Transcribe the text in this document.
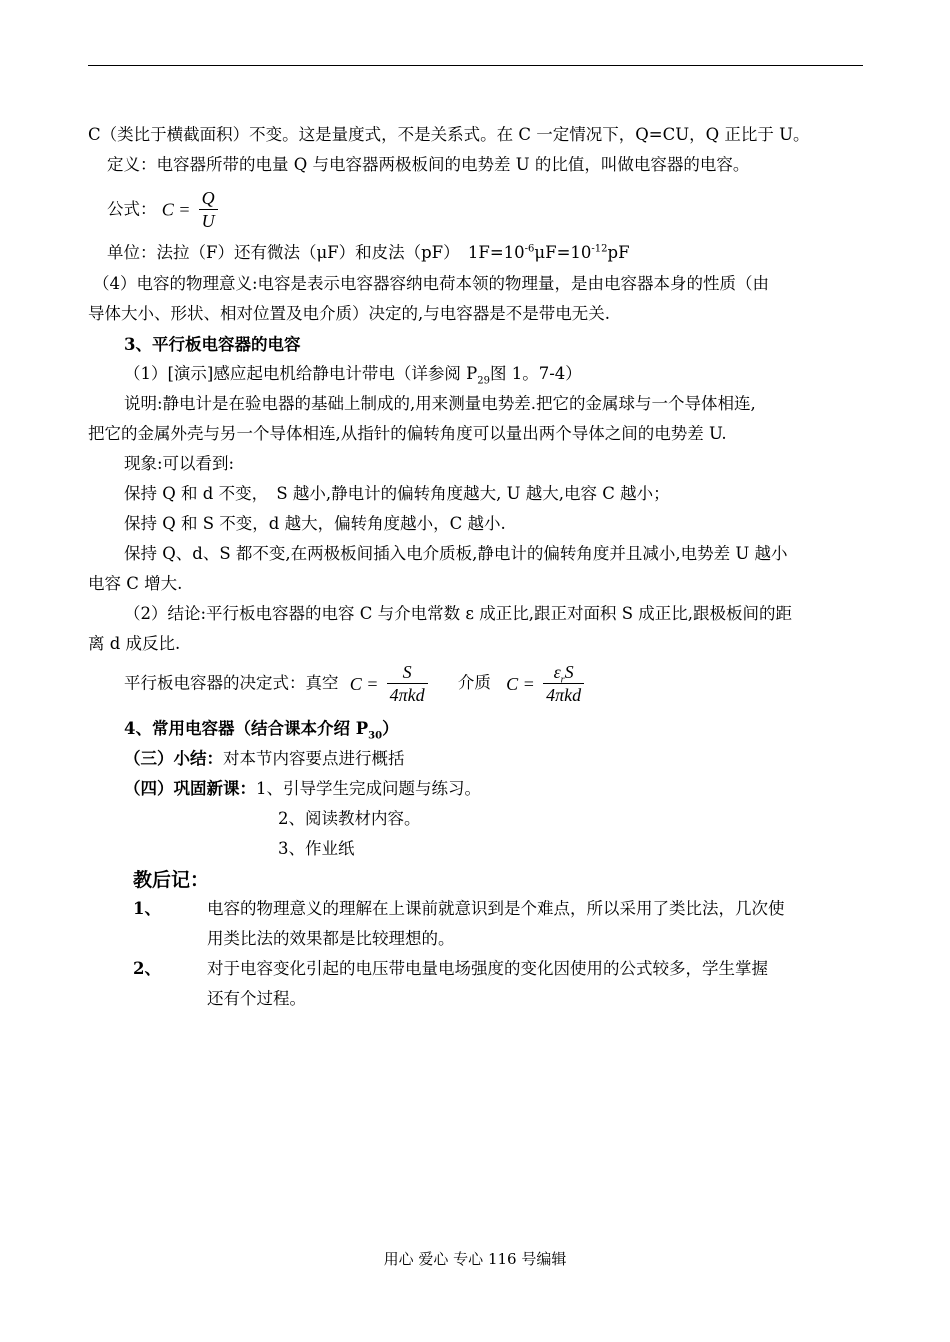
C（类比于横截面积）不变。这是量度式，不是关系式。在 C 一定情况下，Q=CU，Q 正比于 U。
定义：电容器所带的电量 Q 与电容器两极板间的电势差 U 的比值，叫做电容器的电容。
公式： $C = \frac{Q}{U}$
单位：法拉（F）还有微法（μF）和皮法（pF）　$1F=10^{-6}\mu F=10^{-12}pF$
（4）电容的物理意义:电容是表示电容器容纳电荷本领的物理量，是由电容器本身的性质（由
导体大小、形状、相对位置及电介质）决定的,与电容器是不是带电无关.
3、平行板电容器的电容
（1）[演示]感应起电机给静电计带电（详参阅 $P_{29}$图 1。7-4）
说明:静电计是在验电器的基础上制成的,用来测量电势差.把它的金属球与一个导体相连,
把它的金属外壳与另一个导体相连,从指针的偏转角度可以量出两个导体之间的电势差 U.
现象:可以看到:
保持 Q 和 d 不变，　S 越小,静电计的偏转角度越大, U 越大,电容 C 越小；
保持 Q 和 S 不变，d 越大，偏转角度越小，C 越小.
保持 Q、d、S 都不变,在两极板间插入电介质板,静电计的偏转角度并且减小,电势差 U 越小
电容 C 增大.
（2）结论:平行板电容器的电容 C 与介电常数 ε 成正比,跟正对面积 S 成正比,跟极板间的距
离 d 成反比.
平行板电容器的决定式：真空 $C = \frac{S}{\text{4πkd}}$ 介质 $C = \frac{\varepsilon_rS}{\text{4πkd}}$
4、常用电容器（结合课本介绍 $P_{30}$）
（三）小结：对本节内容要点进行概括
（四）巩固新课：1、引导学生完成问题与练习。
2、阅读教材内容。
3、作业纸
教后记：
1、	电容的物理意义的理解在上课前就意识到是个难点，所以采用了类比法，几次使
用类比法的效果都是比较理想的。
2、	对于电容变化引起的电压带电量电场强度的变化因使用的公式较多，学生掌握
还有个过程。
用心 爱心 专心 116 号编辑
